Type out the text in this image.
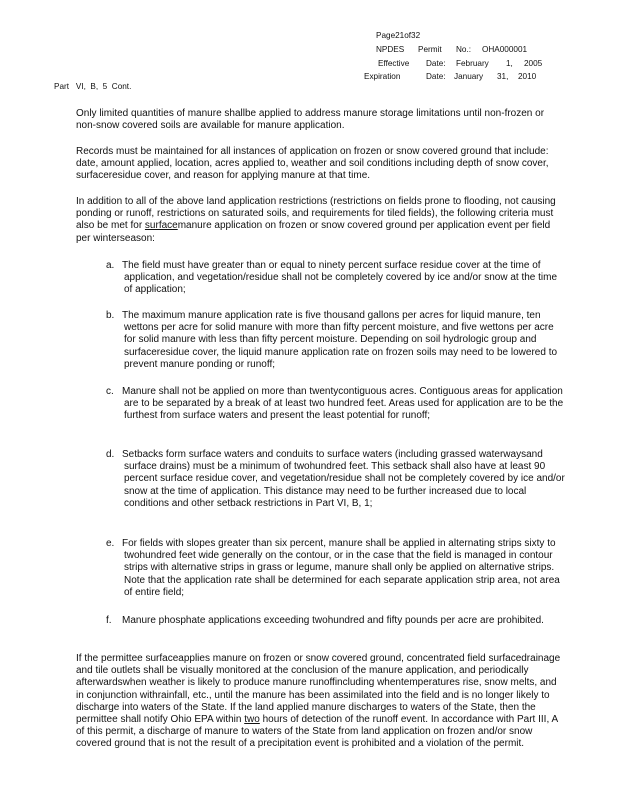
Page21of32
NPDES Permit No.: OHA000001
Effective Date: February 1, 2005
Expiration	Date: January 31, 2010
Part   VI,  B,  5  Cont.

Only limited quantities of manure shallbe applied to address manure storage limitations until non-frozen or non-snow covered soils are available for manure application.

Records must be maintained for all instances of application on frozen or snow covered ground that include: date, amount applied, location, acres applied to, weather and soil conditions including depth of snow cover, surfaceresidue cover, and reason for applying manure at that time.

In addition to all of the above land application restrictions (restrictions on fields prone to flooding, not causing ponding or runoff, restrictions on saturated soils, and requirements for tiled fields), the following criteria must also be met for surfacemanure application on frozen or snow covered ground per application event per field per winterseason:

a. The field must have greater than or equal to ninety percent surface residue cover at the time of application, and vegetation/residue shall not be completely covered by ice and/or snow at the time of application;

b. The maximum manure application rate is five thousand gallons per acres for liquid manure, ten wettons per acre for solid manure with more than fifty percent moisture, and five wettons per acre for solid manure with less than fifty percent moisture. Depending on soil hydrologic group and surfaceresidue cover, the liquid manure application rate on frozen soils may need to be lowered to prevent manure ponding or runoff;

c. Manure shall not be applied on more than twentycontiguous acres. Contiguous areas for application are to be separated by a break of at least two hundred feet. Areas used for application are to be the furthest from surface waters and present the least potential for runoff;

d. Setbacks form surface waters and conduits to surface waters (including grassed waterwaysand surface drains) must be a minimum of twohundred feet. This setback shall also have at least 90 percent surface residue cover, and vegetation/residue shall not be completely covered by ice and/or snow at the time of application. This distance may need to be further increased due to local conditions and other setback restrictions in Part VI, B, 1;

e. For fields with slopes greater than six percent, manure shall be applied in alternating strips sixty to twohundred feet wide generally on the contour, or in the case that the field is managed in contour strips with alternative strips in grass or legume, manure shall only be applied on alternative strips. Note that the application rate shall be determined for each separate application strip area, not area of entire field;

f. Manure phosphate applications exceeding twohundred and fifty pounds per acre are prohibited.

If the permittee surfaceapplies manure on frozen or snow covered ground, concentrated field surfacedrainage and tile outlets shall be visually monitored at the conclusion of the manure application, and periodically afterwardswhen weather is likely to produce manure runoffincluding whentemperatures rise, snow melts, and in conjunction withrainfall, etc., until the manure has been assimilated into the field and is no longer likely to discharge into waters of the State. If the land applied manure discharges to waters of the State, then the permittee shall notify Ohio EPA within two hours of detection of the runoff event. In accordance with Part III, A of this permit, a discharge of manure to waters of the State from land application on frozen and/or snow covered ground that is not the result of a precipitation event is prohibited and a violation of the permit.
